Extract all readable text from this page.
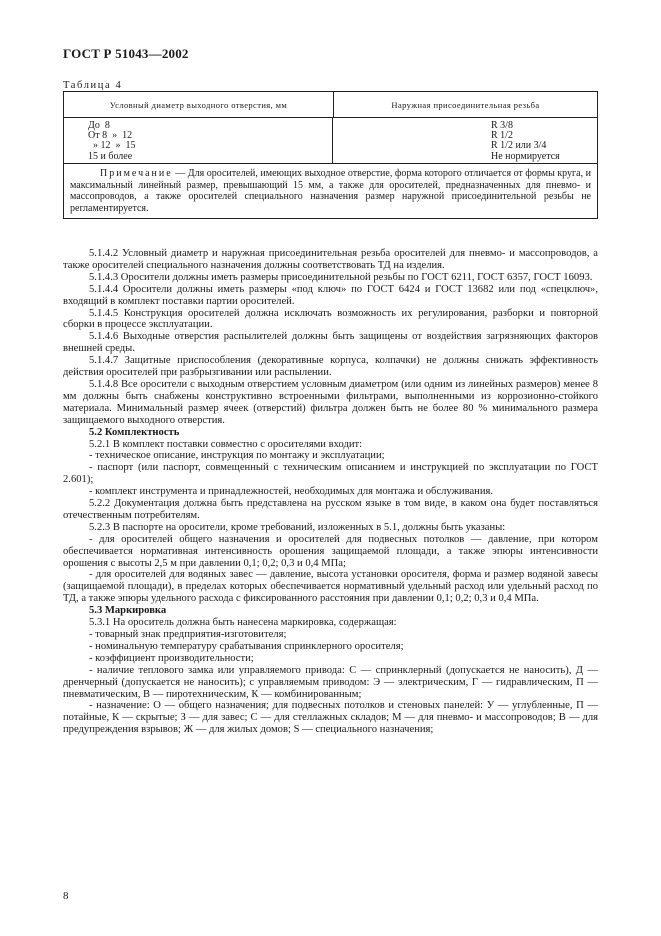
ГОСТ Р 51043—2002
Таблица 4
Условный диаметр выходного отверстия, мм	Наружная присоединительная резьба
До  8
От 8  »  12
» 12  »  15
15 и более
R 3/8
R 1/2
R 1/2 или 3/4
Не нормируется
Примечание — Для оросителей, имеющих выходное отверстие, форма которого отличается от формы круга, и максимальный линейный размер, превышающий 15 мм, а также для оросителей, предназначенных для пневмо- и массопроводов, а также оросителей специального назначения размер наружной присоединительной резьбы не регламентируется.

5.1.4.2 Условный диаметр и наружная присоединительная резьба оросителей для пневмо- и массопроводов, а также оросителей специального назначения должны соответствовать ТД на изделия.

5.1.4.3 Оросители должны иметь размеры присоединительной резьбы по ГОСТ 6211, ГОСТ 6357, ГОСТ 16093.

5.1.4.4 Оросители должны иметь размеры «под ключ» по ГОСТ 6424 и ГОСТ 13682 или под «спецключ», входящий в комплект поставки партии оросителей.

5.1.4.5 Конструкция оросителей должна исключать возможность их регулирования, разборки и повторной сборки в процессе эксплуатации.

5.1.4.6 Выходные отверстия распылителей должны быть защищены от воздействия загрязняющих факторов внешней среды.

5.1.4.7 Защитные приспособления (декоративные корпуса, колпачки) не должны снижать эффективность действия оросителей при разбрызгивании или распылении.

5.1.4.8 Все оросители с выходным отверстием условным диаметром (или одним из линейных размеров) менее 8 мм должны быть снабжены конструктивно встроенными фильтрами, выполненными из коррозионно-стойкого материала. Минимальный размер ячеек (отверстий) фильтра должен быть не более 80 % минимального размера защищаемого выходного отверстия.

5.2 Комплектность

5.2.1 В комплект поставки совместно с оросителями входит:

- техническое описание, инструкция по монтажу и эксплуатации;

- паспорт (или паспорт, совмещенный с техническим описанием и инструкцией по эксплуатации по ГОСТ 2.601);

- комплект инструмента и принадлежностей, необходимых для монтажа и обслуживания.

5.2.2 Документация должна быть представлена на русском языке в том виде, в каком она будет поставляться отечественным потребителям.

5.2.3 В паспорте на оросители, кроме требований, изложенных в 5.1, должны быть указаны:

- для оросителей общего назначения и оросителей для подвесных потолков — давление, при котором обеспечивается нормативная интенсивность орошения защищаемой площади, а также эпюры интенсивности орошения с высоты 2,5 м при давлении 0,1; 0,2; 0,3 и 0,4 МПа;

- для оросителей для водяных завес — давление, высота установки оросителя, форма и размер водяной завесы (защищаемой площади), в пределах которых обеспечивается нормативный удельный расход или удельный расход по ТД, а также эпюры удельного расхода с фиксированного расстояния при давлении 0,1; 0,2; 0,3 и 0,4 МПа.

5.3 Маркировка

5.3.1 На ороситель должна быть нанесена маркировка, содержащая:

- товарный знак предприятия-изготовителя;

- номинальную температуру срабатывания спринклерного оросителя;

- коэффициент производительности;

- наличие теплового замка или управляемого привода: С — спринклерный (допускается не наносить), Д — дренчерный (допускается не наносить); с управляемым приводом: Э — электрическим, Г — гидравлическим, П — пневматическим, В — пиротехническим, К — комбинированным;

- назначение: О — общего назначения; для подвесных потолков и стеновых панелей: У — углубленные, П — потайные, К — скрытые; З — для завес; С — для стеллажных складов; М — для пневмо- и массопроводов; В — для предупреждения взрывов; Ж — для жилых домов; S — специального назначения;

8
